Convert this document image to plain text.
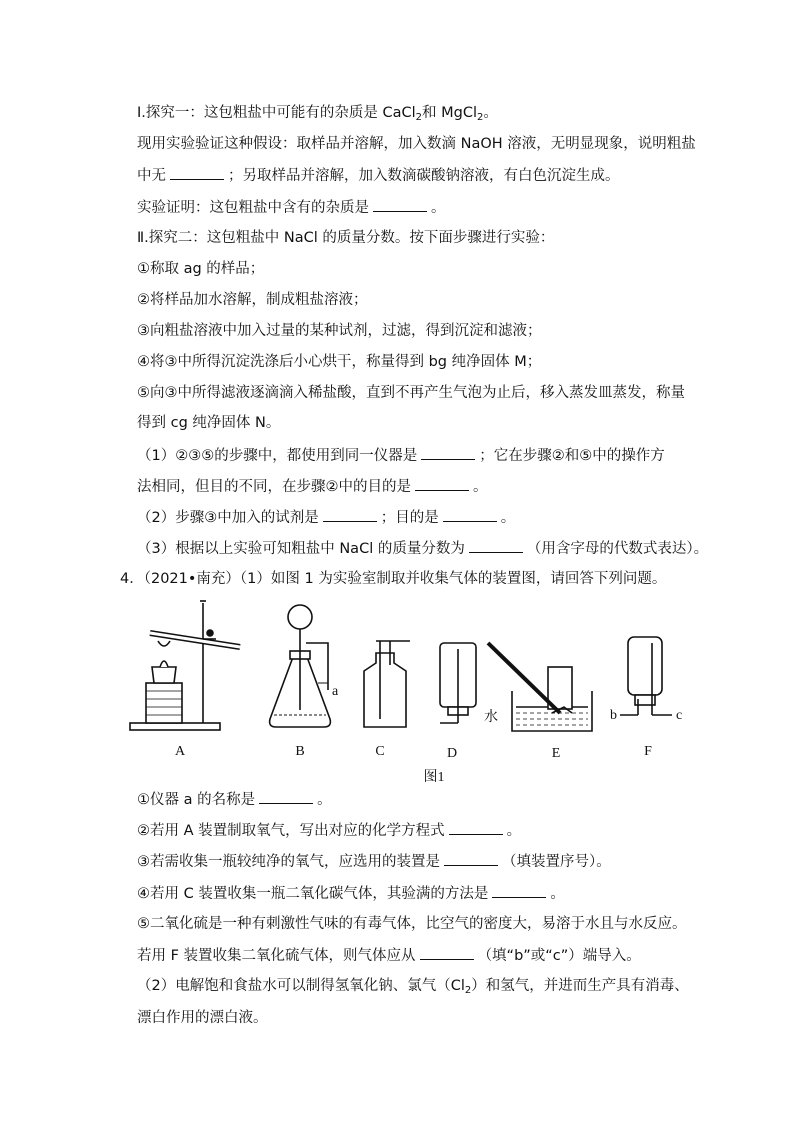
Ⅰ.探究一：这包粗盐中可能有的杂质是 CaCl$_2$和 MgCl$_2$。
现用实验验证这种假设：取样品并溶解，加入数滴 NaOH 溶液，无明显现象，说明粗盐
中无	；另取样品并溶解，加入数滴碳酸钠溶液，有白色沉淀生成。
实验证明：这包粗盐中含有的杂质是	。
Ⅱ.探究二：这包粗盐中 NaCl 的质量分数。按下面步骤进行实验：
①称取 ag 的样品；
②将样品加水溶解，制成粗盐溶液；
③向粗盐溶液中加入过量的某种试剂，过滤，得到沉淀和滤液；
④将③中所得沉淀洗涤后小心烘干，称量得到 bg 纯净固体 M；
⑤向③中所得滤液逐滴滴入稀盐酸，直到不再产生气泡为止后，移入蒸发皿蒸发，称量
得到 cg 纯净固体 N。
（1）②③⑤的步骤中，都使用到同一仪器是	；它在步骤②和⑤中的操作方
法相同，但目的不同，在步骤②中的目的是	。
（2）步骤③中加入的试剂是	；目的是	。
（3）根据以上实验可知粗盐中 NaCl 的质量分数为	（用含字母的代数式表达）。
4．（2021•南充）（1）如图 1 为实验室制取并收集气体的装置图，请回答下列问题。
a
水	b	c
A	B	C	D	E	F
图1
①仪器 a 的名称是	。
②若用 A 装置制取氧气，写出对应的化学方程式	。
③若需收集一瓶较纯净的氧气，应选用的装置是	（填装置序号）。
④若用 C 装置收集一瓶二氧化碳气体，其验满的方法是	。
⑤二氧化硫是一种有刺激性气味的有毒气体，比空气的密度大，易溶于水且与水反应。
若用 F 装置收集二氧化硫气体，则气体应从	（填“b”或“c”）端导入。
（2）电解饱和食盐水可以制得氢氧化钠、氯气$(Cl_2)$和氢气，并进而生产具有消毒、
漂白作用的漂白液。
